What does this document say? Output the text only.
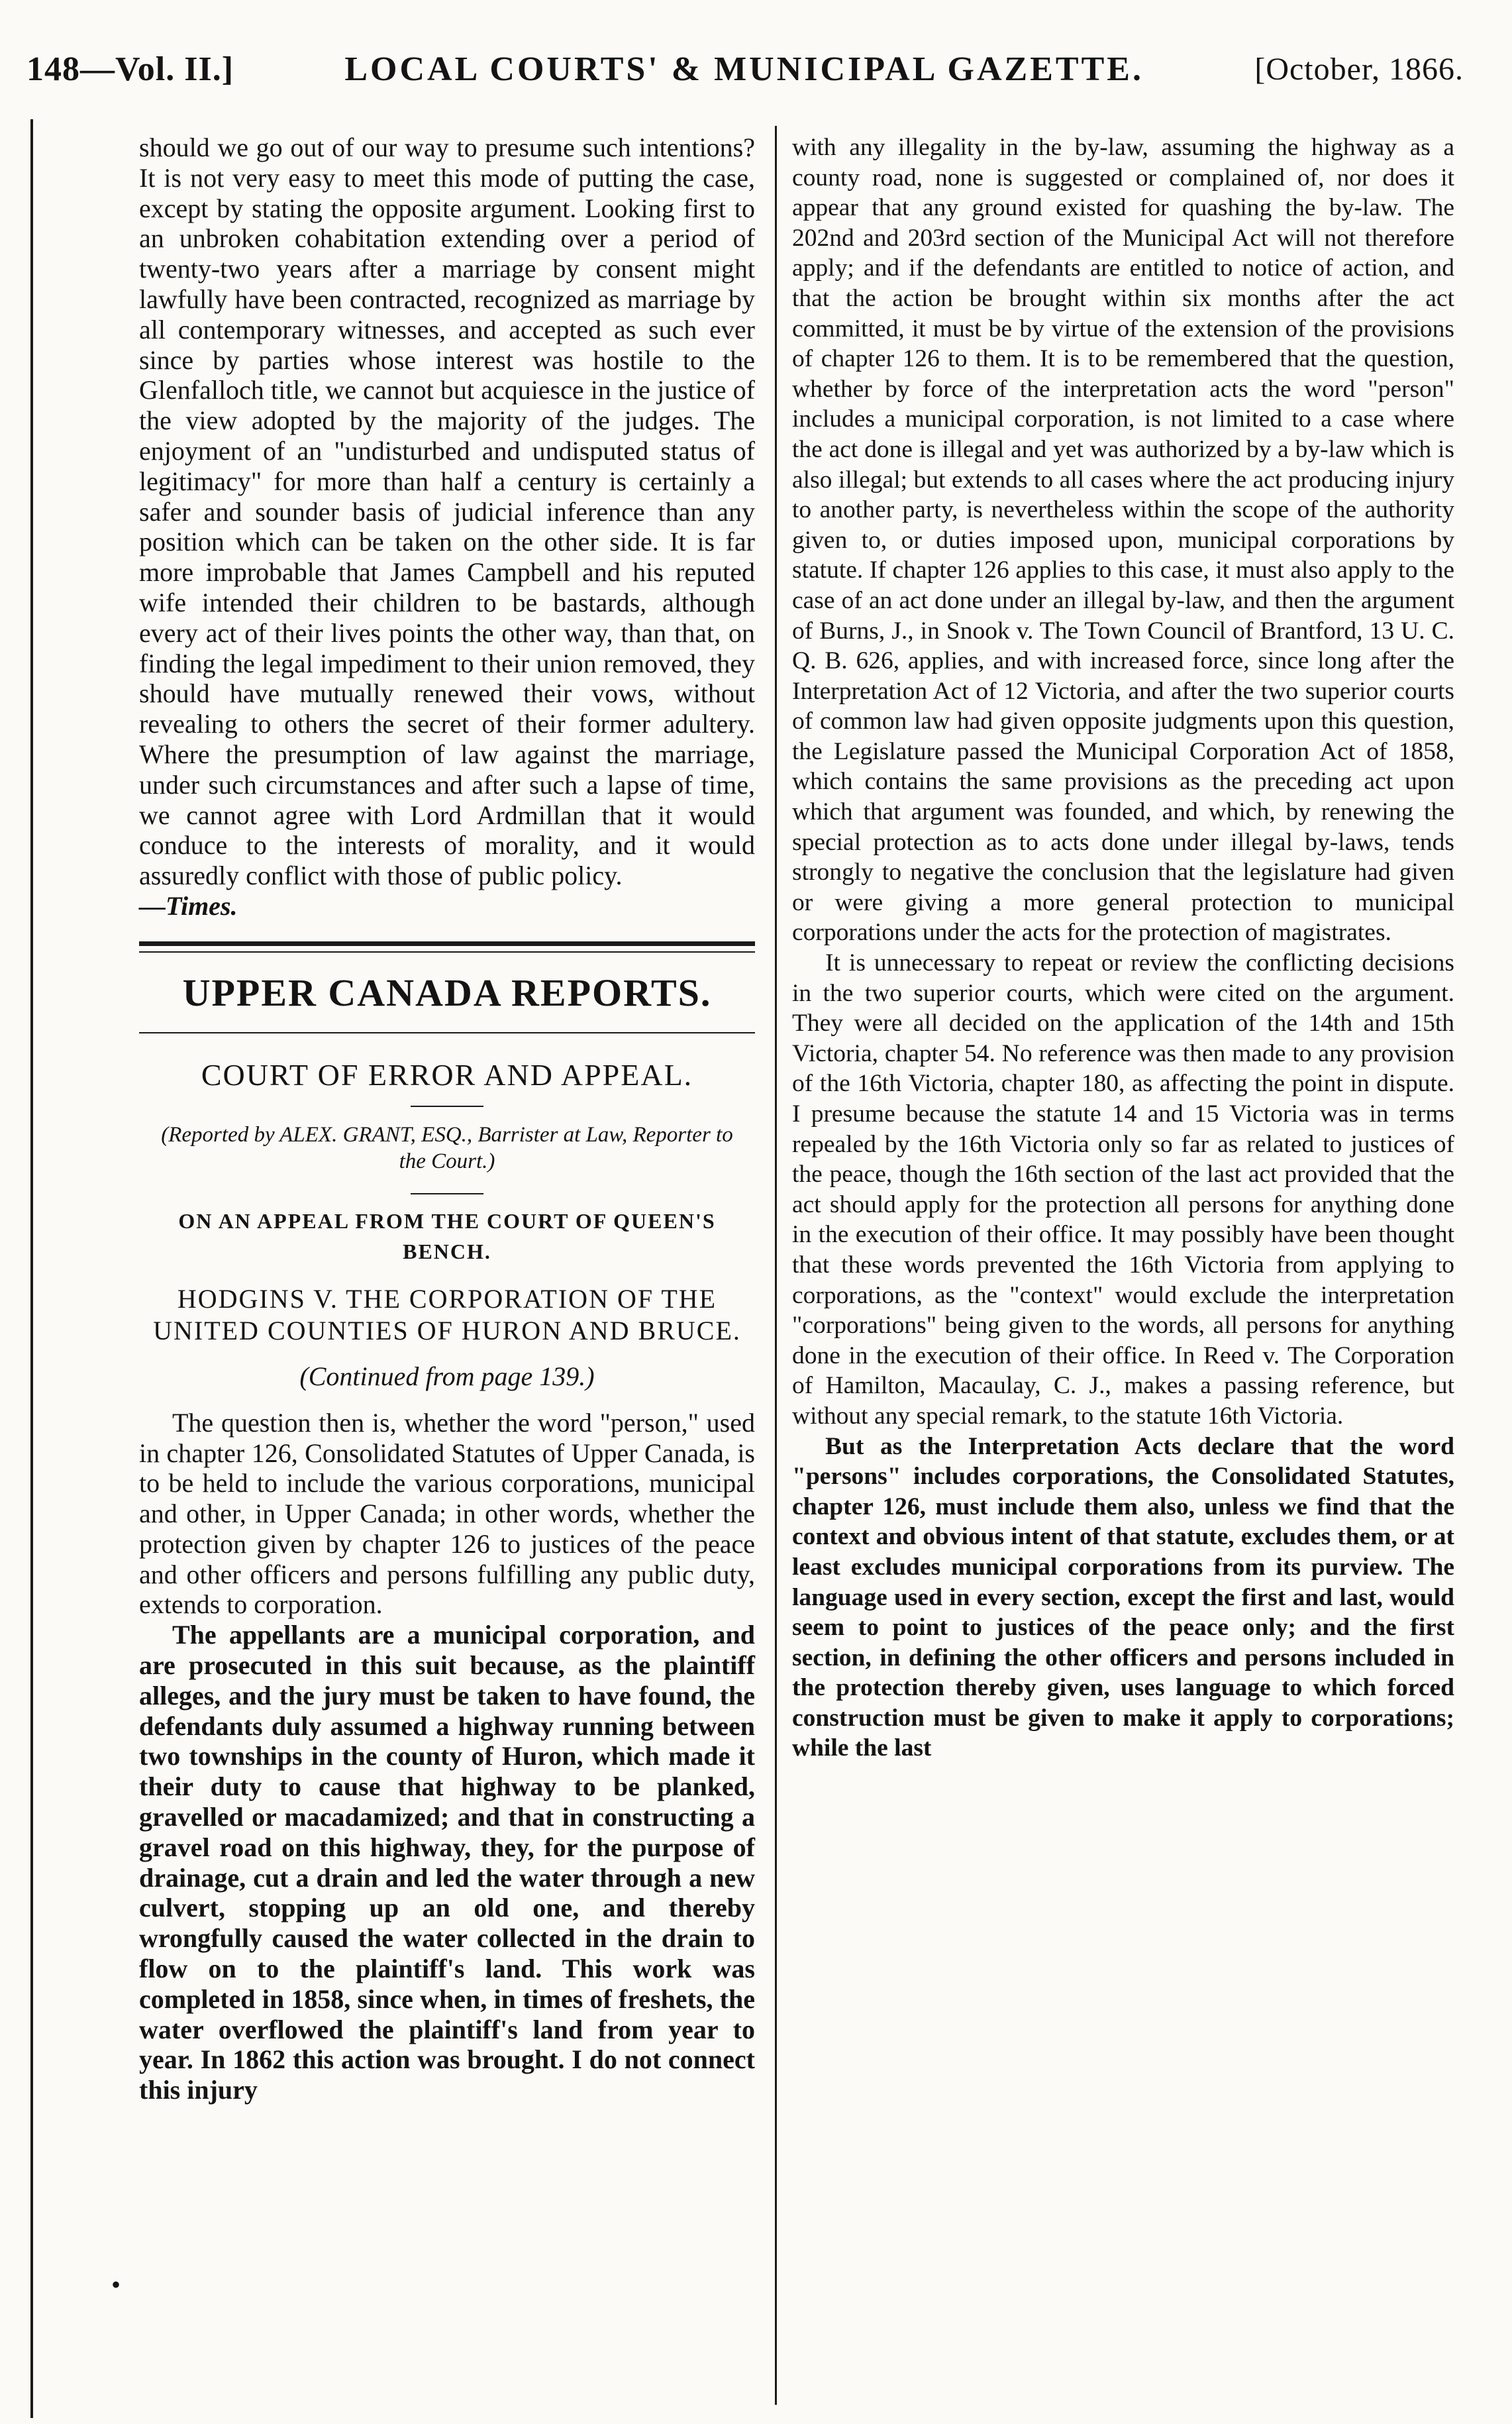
148—Vol. II.]	LOCAL COURTS' & MUNICIPAL GAZETTE.	[October, 1866.

should we go out of our way to presume such intentions? It is not very easy to meet this mode of putting the case, except by stating the opposite argument. Looking first to an unbroken cohabitation extending over a period of twenty-two years after a marriage by consent might lawfully have been contracted, recognized as marriage by all contemporary witnesses, and accepted as such ever since by parties whose interest was hostile to the Glenfalloch title, we cannot but acquiesce in the justice of the view adopted by the majority of the judges. The enjoyment of an "undisturbed and undisputed status of legitimacy" for more than half a century is certainly a safer and sounder basis of judicial inference than any position which can be taken on the other side. It is far more improbable that James Campbell and his reputed wife intended their children to be bastards, although every act of their lives points the other way, than that, on finding the legal impediment to their union removed, they should have mutually renewed their vows, without revealing to others the secret of their former adultery. Where the presumption of law against the marriage, under such circumstances and after such a lapse of time, we cannot agree with Lord Ardmillan that it would conduce to the interests of morality, and it would assuredly conflict with those of public policy.

—Times.

UPPER CANADA REPORTS.
COURT OF ERROR AND APPEAL.
(Reported by ALEX. GRANT, ESQ., Barrister at Law, Reporter to the Court.)
ON AN APPEAL FROM THE COURT OF QUEEN'S BENCH.
HODGINS V. THE CORPORATION OF THE UNITED COUNTIES OF HURON AND BRUCE.
(Continued from page 139.)

The question then is, whether the word "person," used in chapter 126, Consolidated Statutes of Upper Canada, is to be held to include the various corporations, municipal and other, in Upper Canada; in other words, whether the protection given by chapter 126 to justices of the peace and other officers and persons fulfilling any public duty, extends to corporation.

The appellants are a municipal corporation, and are prosecuted in this suit because, as the plaintiff alleges, and the jury must be taken to have found, the defendants duly assumed a highway running between two townships in the county of Huron, which made it their duty to cause that highway to be planked, gravelled or macadamized; and that in constructing a gravel road on this highway, they, for the purpose of drainage, cut a drain and led the water through a new culvert, stopping up an old one, and thereby wrongfully caused the water collected in the drain to flow on to the plaintiff's land. This work was completed in 1858, since when, in times of freshets, the water overflowed the plaintiff's land from year to year. In 1862 this action was brought. I do not connect this injury

with any illegality in the by-law, assuming the highway as a county road, none is suggested or complained of, nor does it appear that any ground existed for quashing the by-law. The 202nd and 203rd section of the Municipal Act will not therefore apply; and if the defendants are entitled to notice of action, and that the action be brought within six months after the act committed, it must be by virtue of the extension of the provisions of chapter 126 to them. It is to be remembered that the question, whether by force of the interpretation acts the word "person" includes a municipal corporation, is not limited to a case where the act done is illegal and yet was authorized by a by-law which is also illegal; but extends to all cases where the act producing injury to another party, is nevertheless within the scope of the authority given to, or duties imposed upon, municipal corporations by statute. If chapter 126 applies to this case, it must also apply to the case of an act done under an illegal by-law, and then the argument of Burns, J., in Snook v. The Town Council of Brantford, 13 U. C. Q. B. 626, applies, and with increased force, since long after the Interpretation Act of 12 Victoria, and after the two superior courts of common law had given opposite judgments upon this question, the Legislature passed the Municipal Corporation Act of 1858, which contains the same provisions as the preceding act upon which that argument was founded, and which, by renewing the special protection as to acts done under illegal by-laws, tends strongly to negative the conclusion that the legislature had given or were giving a more general protection to municipal corporations under the acts for the protection of magistrates.

It is unnecessary to repeat or review the conflicting decisions in the two superior courts, which were cited on the argument. They were all decided on the application of the 14th and 15th Victoria, chapter 54. No reference was then made to any provision of the 16th Victoria, chapter 180, as affecting the point in dispute. I presume because the statute 14 and 15 Victoria was in terms repealed by the 16th Victoria only so far as related to justices of the peace, though the 16th section of the last act provided that the act should apply for the protection all persons for anything done in the execution of their office. It may possibly have been thought that these words prevented the 16th Victoria from applying to corporations, as the "context" would exclude the interpretation "corporations" being given to the words, all persons for anything done in the execution of their office. In Reed v. The Corporation of Hamilton, Macaulay, C. J., makes a passing reference, but without any special remark, to the statute 16th Victoria.

But as the Interpretation Acts declare that the word "persons" includes corporations, the Consolidated Statutes, chapter 126, must include them also, unless we find that the context and obvious intent of that statute, excludes them, or at least excludes municipal corporations from its purview. The language used in every section, except the first and last, would seem to point to justices of the peace only; and the first section, in defining the other officers and persons included in the protection thereby given, uses language to which forced construction must be given to make it apply to corporations; while the last

•
